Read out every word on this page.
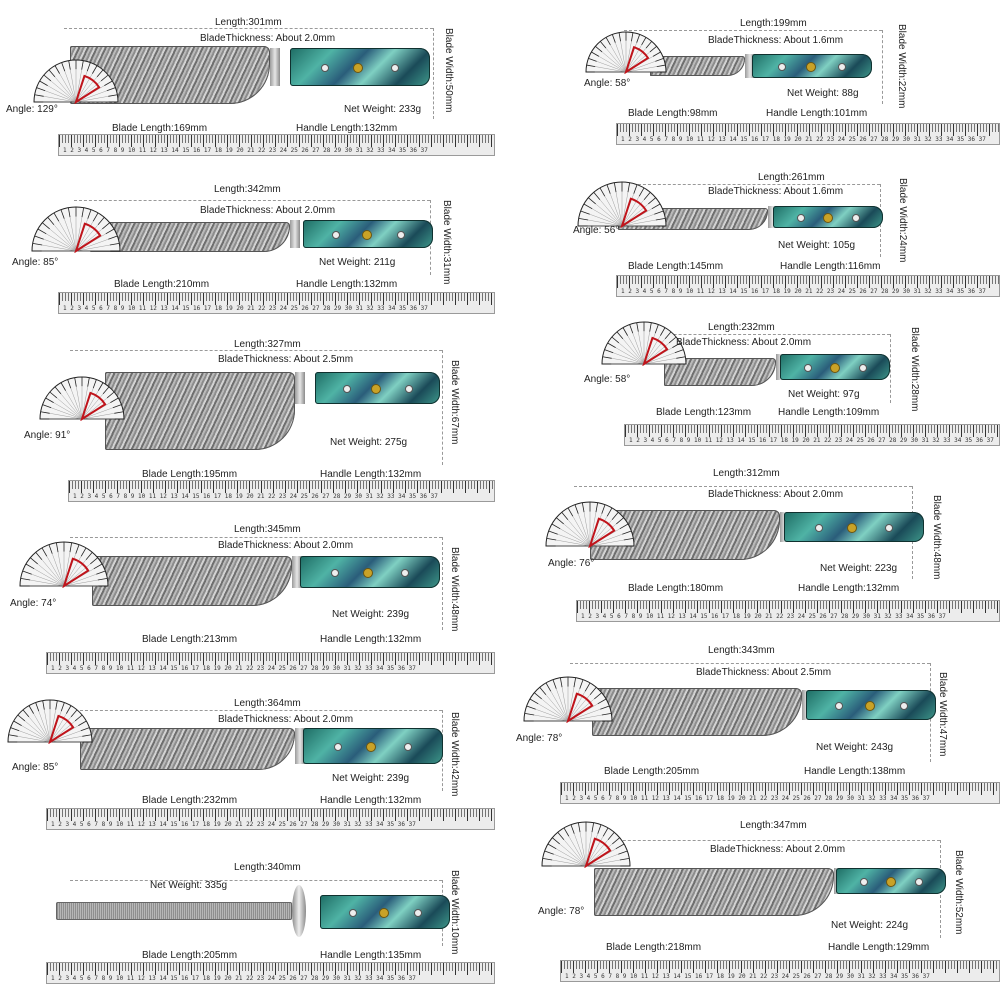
Length:301mm
BladeThickness: About 2.0mm	Blade Width:50mm
Angle: 129°	Net Weight: 233g
Blade Length:169mm	Handle Length:132mm
1 2 3 4 5 6 7 8 9 10 11 12 13 14 15 16 17 18 19 20 21 22 23 24 25 26 27 28 29 30 31 32 33 34 35 36 37
Length:342mm
BladeThickness: About 2.0mm	Blade Width:31mm
Angle: 85°	Net Weight: 211g
Blade Length:210mm	Handle Length:132mm
1 2 3 4 5 6 7 8 9 10 11 12 13 14 15 16 17 18 19 20 21 22 23 24 25 26 27 28 29 30 31 32 33 34 35 36 37
Length:327mm
BladeThickness: About 2.5mm
Blade Width:67mm
Angle: 91°
Net Weight: 275g
Blade Length:195mm	Handle Length:132mm
1 2 3 4 5 6 7 8 9 10 11 12 13 14 15 16 17 18 19 20 21 22 23 24 25 26 27 28 29 30 31 32 33 34 35 36 37
Length:345mm
BladeThickness: About 2.0mm
Blade Width:48mm
Angle: 74°
Net Weight: 239g
Blade Length:213mm	Handle Length:132mm
1 2 3 4 5 6 7 8 9 10 11 12 13 14 15 16 17 18 19 20 21 22 23 24 25 26 27 28 29 30 31 32 33 34 35 36 37
Length:364mm
BladeThickness: About 2.0mm	Blade Width:42mm
Angle: 85°
Net Weight: 239g
Blade Length:232mm	Handle Length:132mm
1 2 3 4 5 6 7 8 9 10 11 12 13 14 15 16 17 18 19 20 21 22 23 24 25 26 27 28 29 30 31 32 33 34 35 36 37
Length:340mm
Blade Width:10mm
Net Weight: 335g
Blade Length:205mm	Handle Length:135mm
1 2 3 4 5 6 7 8 9 10 11 12 13 14 15 16 17 18 19 20 21 22 23 24 25 26 27 28 29 30 31 32 33 34 35 36 37
Length:199mm
BladeThickness: About 1.6mm	Blade Width:22mm
Angle: 58°
Net Weight: 88g
Blade Length:98mm	Handle Length:101mm
1 2 3 4 5 6 7 8 9 10 11 12 13 14 15 16 17 18 19 20 21 22 23 24 25 26 27 28 29 30 31 32 33 34 35 36 37
Length:261mm
BladeThickness: About 1.6mm	Blade Width:24mm
Angle: 56°
Net Weight: 105g
Blade Length:145mm	Handle Length:116mm
1 2 3 4 5 6 7 8 9 10 11 12 13 14 15 16 17 18 19 20 21 22 23 24 25 26 27 28 29 30 31 32 33 34 35 36 37
Length:232mm
BladeThickness: About 2.0mm	Blade Width:28mm
Angle: 58°
Net Weight: 97g
Blade Length:123mm	Handle Length:109mm
1 2 3 4 5 6 7 8 9 10 11 12 13 14 15 16 17 18 19 20 21 22 23 24 25 26 27 28 29 30 31 32 33 34 35 36 37
Length:312mm
BladeThickness: About 2.0mm
Blade Width:48mm
Angle: 76°	Net Weight: 223g
Blade Length:180mm	Handle Length:132mm
1 2 3 4 5 6 7 8 9 10 11 12 13 14 15 16 17 18 19 20 21 22 23 24 25 26 27 28 29 30 31 32 33 34 35 36 37
Length:343mm
BladeThickness: About 2.5mm	Blade Width:47mm
Angle: 78°
Net Weight: 243g
Blade Length:205mm	Handle Length:138mm
1 2 3 4 5 6 7 8 9 10 11 12 13 14 15 16 17 18 19 20 21 22 23 24 25 26 27 28 29 30 31 32 33 34 35 36 37
Length:347mm
BladeThickness: About 2.0mm
Blade Width:52mm
Angle: 78°
Net Weight: 224g
Blade Length:218mm	Handle Length:129mm
1 2 3 4 5 6 7 8 9 10 11 12 13 14 15 16 17 18 19 20 21 22 23 24 25 26 27 28 29 30 31 32 33 34 35 36 37
